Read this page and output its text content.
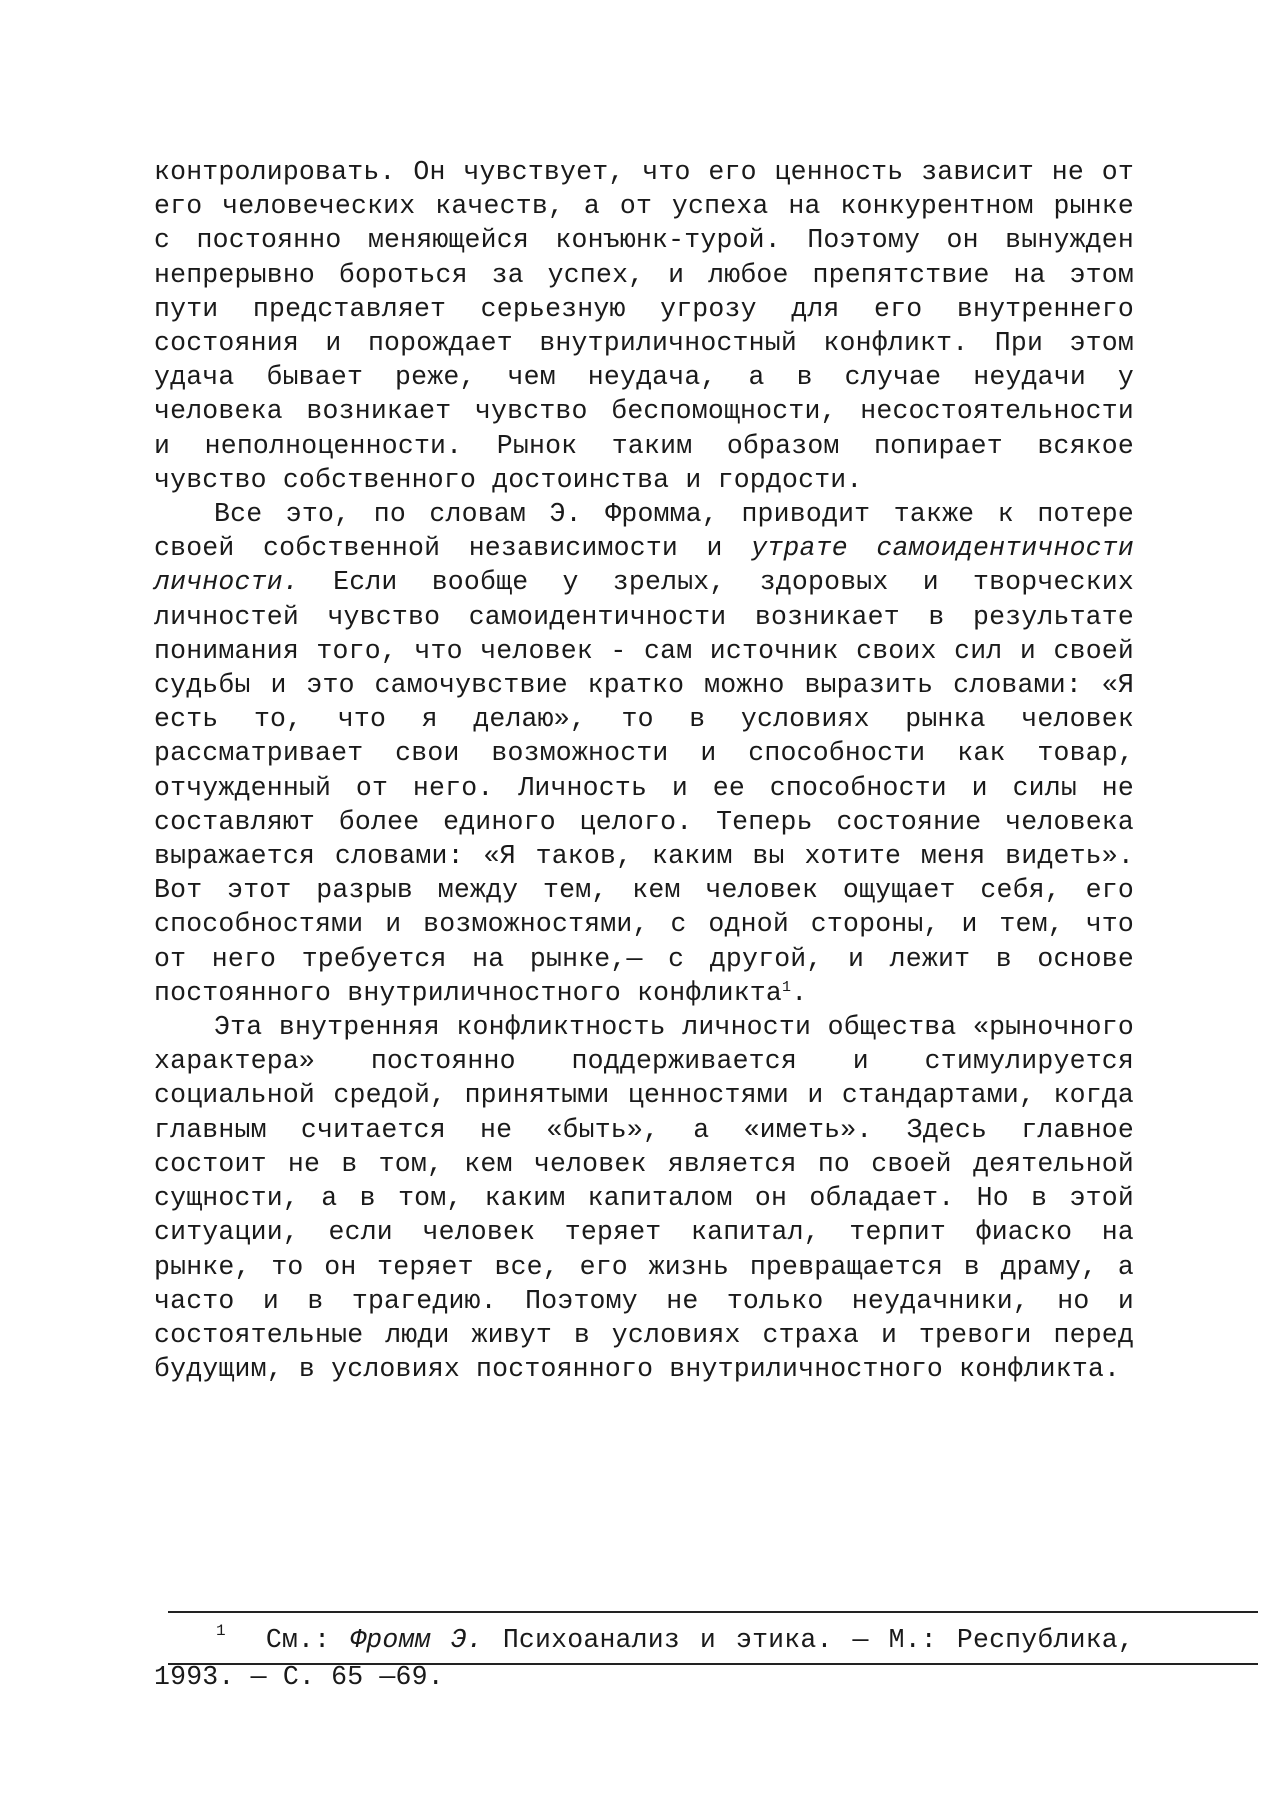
контролировать. Он чувствует, что его ценность зависит не от его человеческих качеств, а от успеха на конкурентном рынке с постоянно меняющейся конъюнк-турой. Поэтому он вынужден непрерывно бороться за успех, и любое препятствие на этом пути представляет серьезную угрозу для его внутреннего состояния и порождает внутриличностный конфликт. При этом удача бывает реже, чем неудача, а в случае неудачи у человека возникает чувство беспомощности, несостоятельности и неполноценности. Рынок таким образом попирает всякое чувство собственного достоинства и гордости.

Все это, по словам Э. Фромма, приводит также к потере своей собственной независимости и утрате самоидентичности личности. Если вообще у зрелых, здоровых и творческих личностей чувство самоидентичности возникает в результате понимания того, что человек - сам источник своих сил и своей судьбы и это самочувствие кратко можно выразить словами: «Я есть то, что я делаю», то в условиях рынка человек рассматривает свои возможности и способности как товар, отчужденный от него. Личность и ее способности и силы не составляют более единого целого. Теперь состояние человека выражается словами: «Я таков, каким вы хотите меня видеть». Вот этот разрыв между тем, кем человек ощущает себя, его способностями и возможностями, с одной стороны, и тем, что от него требуется на рынке,— с другой, и лежит в основе постоянного внутриличностного конфликта$^1$.

Эта внутренняя конфликтность личности общества «рыночного характера» постоянно поддерживается и стимулируется социальной средой, принятыми ценностями и стандартами, когда главным считается не «быть», а «иметь». Здесь главное состоит не в том, кем человек является по своей деятельной сущности, а в том, каким капиталом он обладает. Но в этой ситуации, если человек теряет капитал, терпит фиаско на рынке, то он теряет все, его жизнь превращается в драму, а часто и в трагедию. Поэтому не только неудачники, но и состоятельные люди живут в условиях страха и тревоги перед будущим, в условиях постоянного внутриличностного конфликта.

$^1$ См.: Фромм Э. Психоанализ и этика. — М.: Республика, 1993. — С. 65 —69.
